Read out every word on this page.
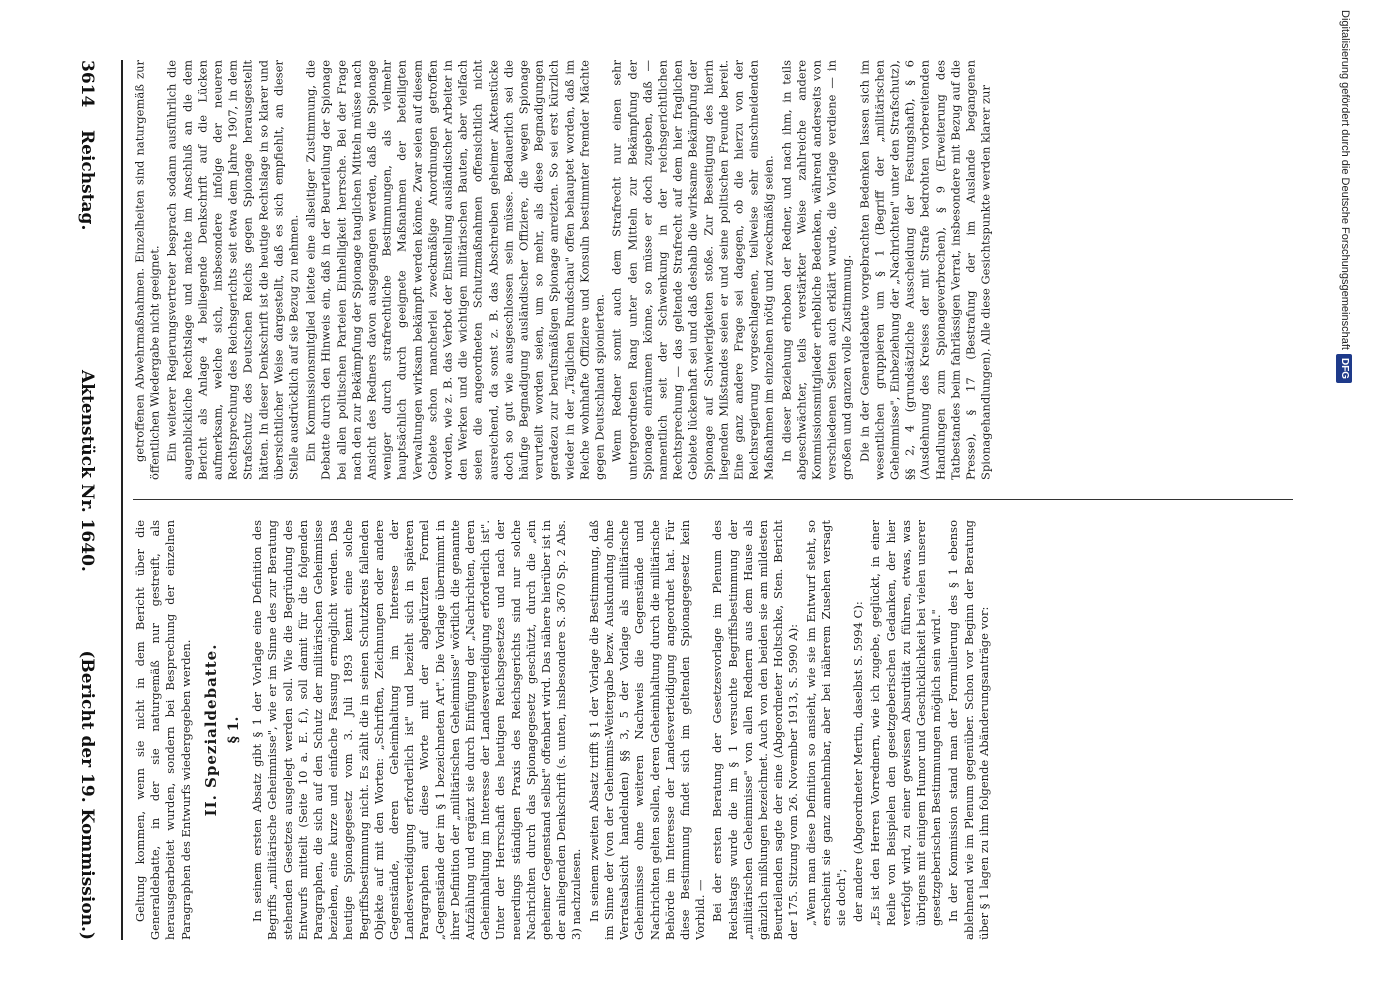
3614
Reichstag.
Aktenstück Nr. 1640.
(Bericht der 19. Kommission.)

getroffenen Abwehrmaßnahmen. Einzelheiten sind naturgemäß zur öffentlichen Wiedergabe nicht geeignet. Ein weiterer Regierungsvertreter besprach sodann ausführlich die augenblickliche Rechtslage und machte im Anschluß an die dem Bericht als Anlage 4 beiliegende Denkschrift auf die Lücken aufmerksam, welche sich, insbesondere infolge der neueren Rechtsprechung des Reichsgerichts seit etwa dem Jahre 1907, in dem Strafschutz des Deutschen Reichs gegen Spionage herausgestellt hätten. In dieser Denkschrift ist die heutige Rechtslage in so klarer und übersichtlicher Weise dargestellt, daß es sich empfiehlt, an dieser Stelle ausdrücklich auf sie Bezug zu nehmen. Ein Kommissionsmitglied leitete eine allseitiger Zustimmung, die Debatte durch den Hinweis ein, daß in der Beurteilung der Spionage bei allen politischen Parteien Einhelligkeit herrsche. Bei der Frage nach den zur Bekämpfung der Spionage tauglichen Mitteln müsse nach Ansicht des Redners davon ausgegangen werden, daß die Spionage weniger durch strafrechtliche Bestimmungen, als vielmehr hauptsächlich durch geeignete Maßnahmen der beteiligten Verwaltungen wirksam bekämpft werden könne. Zwar seien auf diesem Gebiete schon mancherlei zweckmäßige Anordnungen getroffen worden, wie z. B. das Verbot der Einstellung ausländischer Arbeiter in den Werken und die wichtigen militärischen Bauten, aber vielfach seien die angeordneten Schutzmaßnahmen offensichtlich nicht ausreichend, da sonst z. B. das Abschreiben geheimer Aktenstücke doch so gut wie ausgeschlossen sein müsse. Bedauerlich sei die häufige Begnadigung ausländischer Offiziere, die wegen Spionage verurteilt worden seien, um so mehr, als diese Begnadigungen geradezu zur berufsmäßigen Spionage anreizten. So sei erst kürzlich wieder in der „Täglichen Rundschau" offen behauptet worden, daß im Reiche wohnhafte Offiziere und Konsuln bestimmter fremder Mächte gegen Deutschland spionierten. Wenn Redner somit auch dem Strafrecht nur einen sehr untergeordneten Rang unter den Mitteln zur Bekämpfung der Spionage einräumen könne, so müsse er doch zugeben, daß — namentlich seit der Schwenkung in der reichsgerichtlichen Rechtsprechung — das geltende Strafrecht auf dem hier fraglichen Gebiete lückenhaft sei und daß deshalb die wirksame Bekämpfung der Spionage auf Schwierigkeiten stoße. Zur Beseitigung des hierin liegenden Mißstandes seien er und seine politischen Freunde bereit. Eine ganz andere Frage sei dagegen, ob die hierzu von der Reichsregierung vorgeschlagenen, teilweise sehr einschneidenden Maßnahmen im einzelnen nötig und zweckmäßig seien. In dieser Beziehung erhoben der Redner, und nach ihm, in teils abgeschwächter, teils verstärkter Weise zahlreiche andere Kommissionsmitglieder erhebliche Bedenken, während anderseits von verschiedenen Seiten auch erklärt wurde, die Vorlage verdiene — in großen und ganzen volle Zustimmung. Die in der Generaldebatte vorgebrachten Bedenken lassen sich im wesentlichen gruppieren um § 1 (Begriff der „militärischen Geheimnisse", Einbeziehung der „Nachrichten" unter den Strafschutz), §§ 2, 4 (grundsätzliche Ausscheidung der Festungshaft), § 6 (Ausdehnung des Kreises der mit Strafe bedrohten vorbereitenden Handlungen zum Spionageverbrechen), § 9 (Erweiterung des Tatbestandes beim fahrlässigen Verrat, insbesondere mit Bezug auf die Presse), § 17 (Bestrafung der im Auslande begangenen Spionagehandlungen). Alle diese Gesichtspunkte werden klarer zur

Geltung kommen, wenn sie nicht in dem Bericht über die Generaldebatte, in der sie naturgemäß nur gestreift, als herausgearbeitet wurden, sondern bei Besprechung der einzelnen Paragraphen des Entwurfs wiedergegeben werden. II. Spezialdebatte. § 1. In seinem ersten Absatz gibt § 1 der Vorlage eine Definition des Begriffs „militärische Geheimnisse", wie er im Sinne des zur Beratung stehenden Gesetzes ausgelegt werden soll. Wie die Begründung des Entwurfs mitteilt (Seite 10 a. E. f.), soll damit für die folgenden Paragraphen, die sich auf den Schutz der militärischen Geheimnisse beziehen, eine kurze und einfache Fassung ermöglicht werden. Das heutige Spionagegesetz vom 3. Juli 1893 kennt eine solche Begriffsbestimmung nicht. Es zählt die in seinen Schutzkreis fallenden Objekte auf mit den Worten: „Schriften, Zeichnungen oder andere Gegenstände, deren Geheimhaltung im Interesse der Landesverteidigung erforderlich ist" und bezieht sich in späteren Paragraphen auf diese Worte mit der abgekürzten Formel „Gegenstände der im § 1 bezeichneten Art". Die Vorlage übernimmt in ihrer Definition der „militärischen Geheimnisse" wörtlich die genannte Aufzählung und ergänzt sie durch Einfügung der „Nachrichten, deren Geheimhaltung im Interesse der Landesverteidigung erforderlich ist". Unter der Herrschaft des heutigen Reichsgesetzes und nach der neuerdings ständigen Praxis des Reichsgerichts sind nur solche Nachrichten durch das Spionagegesetz geschützt, durch die „ein geheimer Gegenstand selbst" offenbart wird. Das nähere hierüber ist in der anliegenden Denkschrift (s. unten, insbesondere S. 3670 Sp. 2 Abs. 3) nachzulesen. In seinem zweiten Absatz trifft § 1 der Vorlage die Bestimmung, daß im Sinne der (von der Geheimnis-Weitergabe bezw. Auskundung ohne Verratsabsicht handelnden) §§ 3, 5 der Vorlage als militärische Geheimnisse ohne weiteren Nachweis die Gegenstände und Nachrichten gelten sollen, deren Geheimhaltung durch die militärische Behörde im Interesse der Landesverteidigung angeordnet hat. Für diese Bestimmung findet sich im geltenden Spionagegesetz kein Vorbild. — Bei der ersten Beratung der Gesetzesvorlage im Plenum des Reichstags wurde die im § 1 versuchte Begriffsbestimmung der „militärischen Geheimnisse" von allen Rednern aus dem Hause als gänzlich mißlungen bezeichnet. Auch von den beiden sie am mildesten Beurteilenden sagte der eine (Abgeordneter Holtschke, Sten. Bericht der 175. Sitzung vom 26. November 1913, S. 5990 A): „Wenn man diese Definition so ansieht, wie sie im Entwurf steht, so erscheint sie ganz annehmbar, aber bei näherem Zusehen versagt sie doch"; der andere (Abgeordneter Mertin, daselbst S. 5994 C): „Es ist den Herren Vorrednern, wie ich zugebe, geglückt, in einer Reihe von Beispielen den gesetzgeberischen Gedanken, der hier verfolgt wird, zu einer gewissen Absurdität zu führen, etwas, was übrigens mit einigem Humor und Geschicklichkeit bei vielen unserer gesetzgeberischen Bestimmungen möglich sein wird." In der Kommission stand man der Formulierung des § 1 ebenso ablehnend wie im Plenum gegenüber. Schon vor Beginn der Beratung über § 1 lagen zu ihm folgende Abänderungsanträge vor:

Digitalisierung gefördert durch die Deutsche ForschungsgemeinschaftDFG
